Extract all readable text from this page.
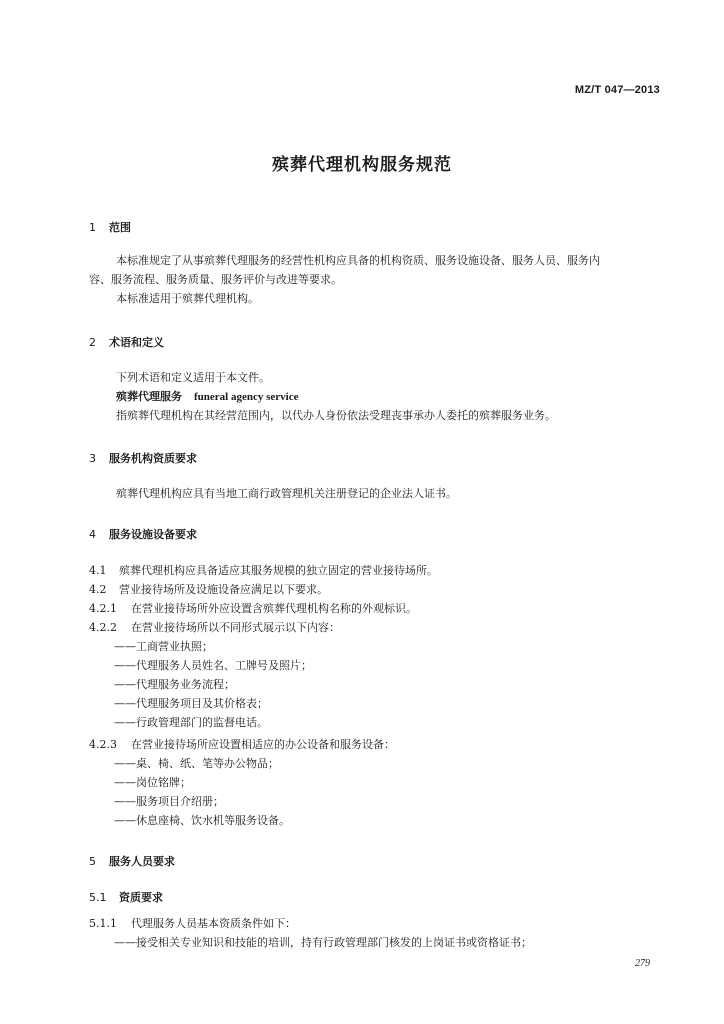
MZ/T 047—2013
殡葬代理机构服务规范
1 范围
本标准规定了从事殡葬代理服务的经营性机构应具备的机构资质、服务设施设备、服务人员、服务内
容、服务流程、服务质量、服务评价与改进等要求。
本标准适用于殡葬代理机构。
2 术语和定义
下列术语和定义适用于本文件。
殡葬代理服务 funeral agency service
指殡葬代理机构在其经营范围内，以代办人身份依法受理丧事承办人委托的殡葬服务业务。
3 服务机构资质要求
殡葬代理机构应具有当地工商行政管理机关注册登记的企业法人证书。
4 服务设施设备要求
4.1 殡葬代理机构应具备适应其服务规模的独立固定的营业接待场所。
4.2 营业接待场所及设施设备应满足以下要求。
4.2.1 在营业接待场所外应设置含殡葬代理机构名称的外观标识。
4.2.2 在营业接待场所以不同形式展示以下内容：
——工商营业执照；
——代理服务人员姓名、工牌号及照片；
——代理服务业务流程；
——代理服务项目及其价格表；
——行政管理部门的监督电话。
4.2.3 在营业接待场所应设置相适应的办公设备和服务设备：
——桌、椅、纸、笔等办公物品；
——岗位铭牌；
——服务项目介绍册；
——休息座椅、饮水机等服务设备。
5 服务人员要求
5.1 资质要求
5.1.1 代理服务人员基本资质条件如下：
——接受相关专业知识和技能的培训，持有行政管理部门核发的上岗证书或资格证书；
279
